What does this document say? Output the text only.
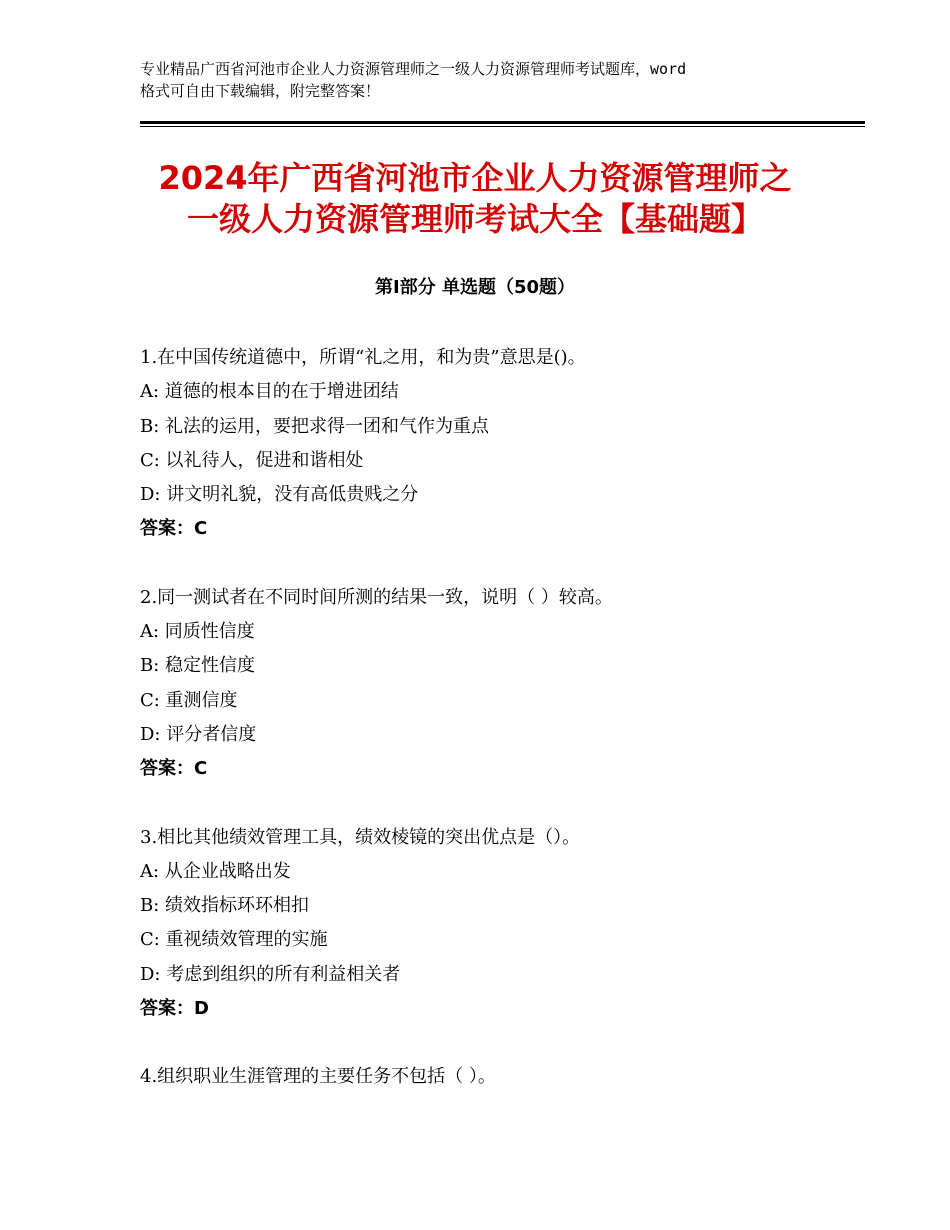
专业精品广西省河池市企业人力资源管理师之一级人力资源管理师考试题库，word
格式可自由下载编辑，附完整答案！
2024年广西省河池市企业人力资源管理师之
一级人力资源管理师考试大全【基础题】
第Ⅰ部分 单选题（50题）
1.在中国传统道德中，所谓“礼之用，和为贵”意思是()。
A: 道德的根本目的在于增进团结
B: 礼法的运用，要把求得一团和气作为重点
C: 以礼待人，促进和谐相处
D: 讲文明礼貌，没有高低贵贱之分
答案：C
2.同一测试者在不同时间所测的结果一致，说明（ ）较高。
A: 同质性信度
B: 稳定性信度
C: 重测信度
D: 评分者信度
答案：C
3.相比其他绩效管理工具，绩效棱镜的突出优点是（）。
A: 从企业战略出发
B: 绩效指标环环相扣
C: 重视绩效管理的实施
D: 考虑到组织的所有利益相关者
答案：D
4.组织职业生涯管理的主要任务不包括（ ）。
